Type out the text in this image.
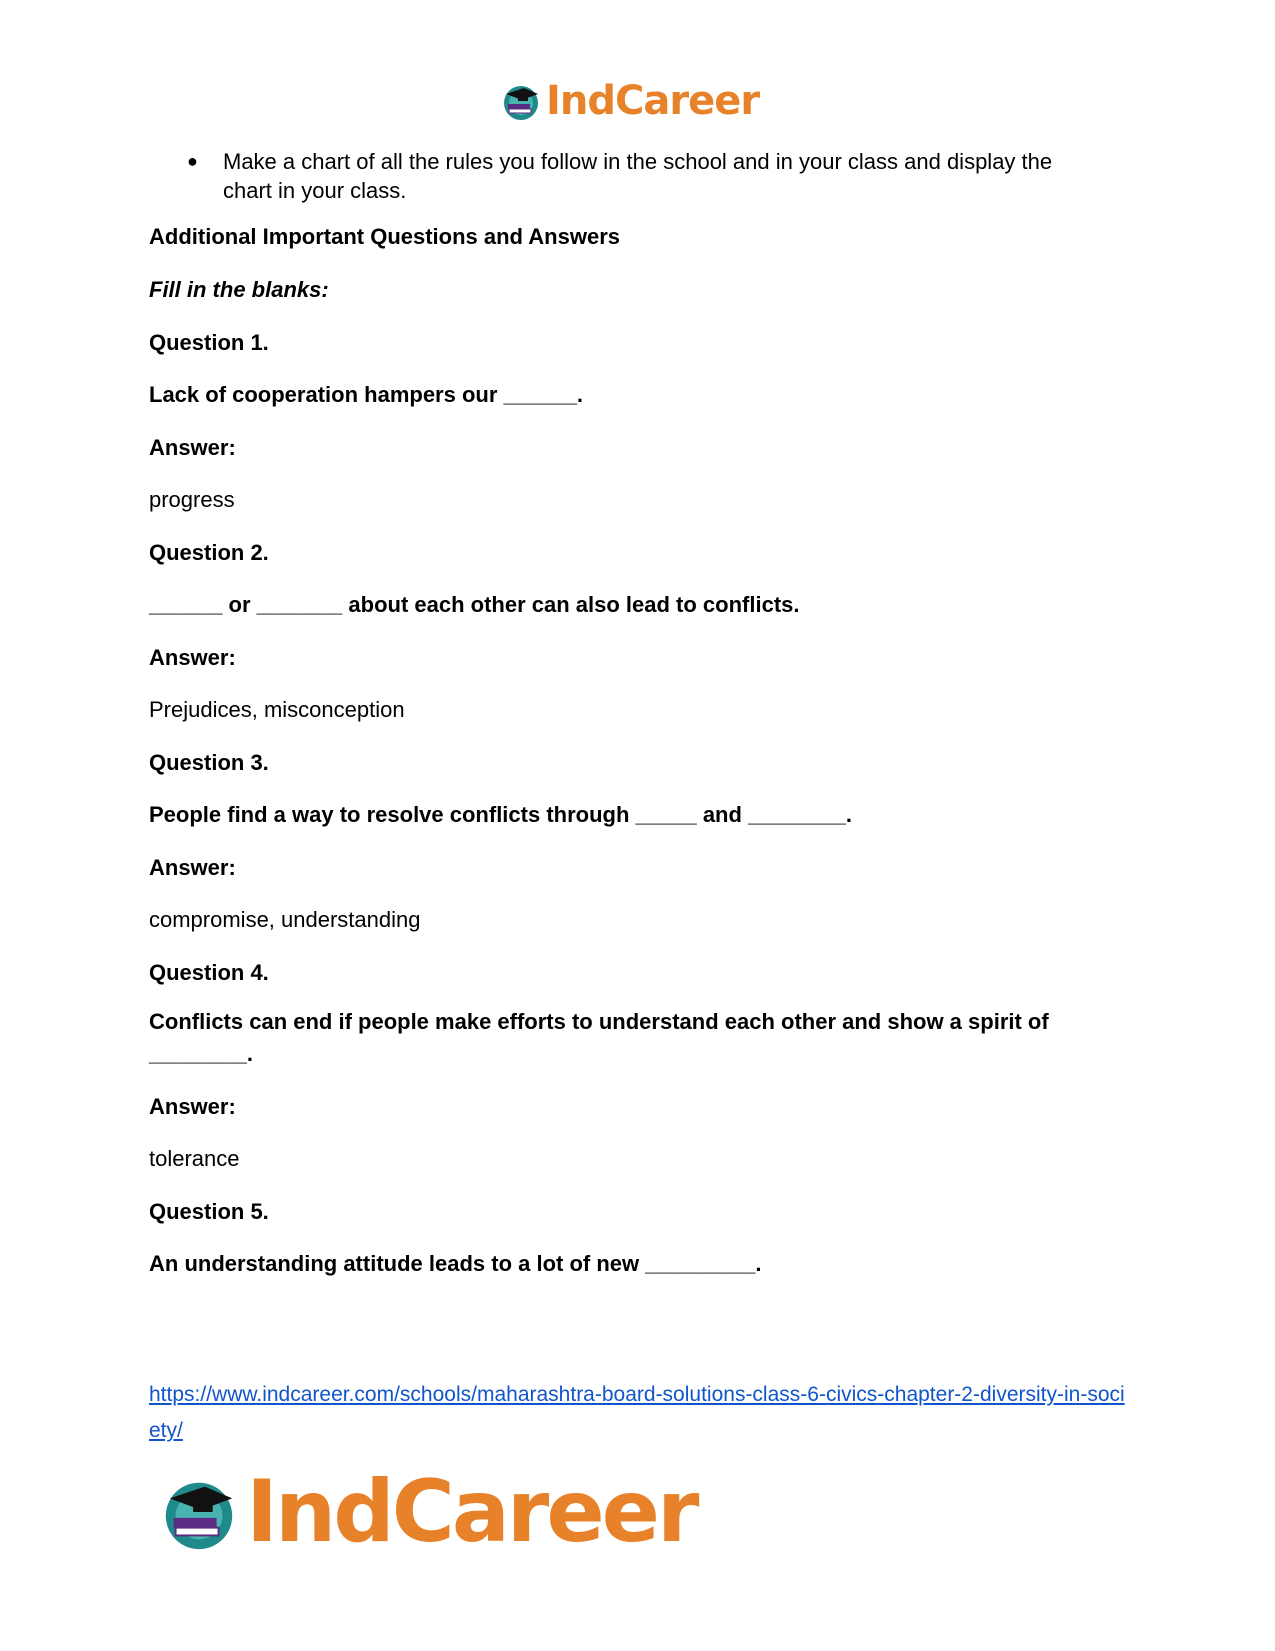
IndCareer
●	Make a chart of all the rules you follow in the school and in your class and display the chart in your class.
Additional Important Questions and Answers
Fill in the blanks:
Question 1.
Lack of cooperation hampers our ______.
Answer:
progress
Question 2.
______ or _______ about each other can also lead to conflicts.
Answer:
Prejudices, misconception
Question 3.
People find a way to resolve conflicts through _____ and ________.
Answer:
compromise, understanding
Question 4.
Conflicts can end if people make efforts to understand each other and show a spirit of ________.
Answer:
tolerance
Question 5.
An understanding attitude leads to a lot of new _________.
https://www.indcareer.com/schools/maharashtra-board-solutions-class-6-civics-chapter-2-diversity-in-society/
IndCareer
